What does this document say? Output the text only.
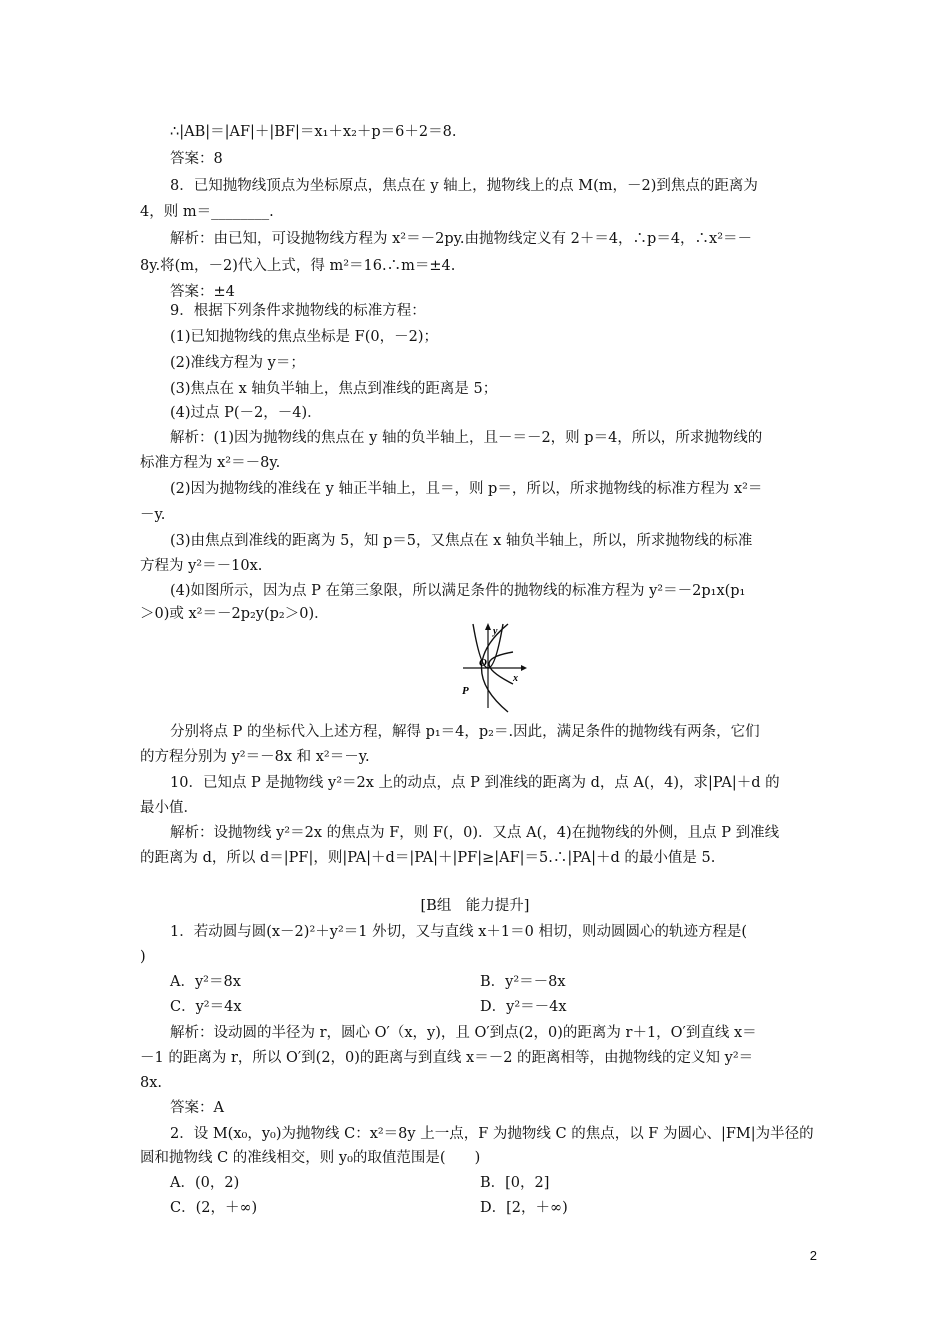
∴|AB|＝|AF|＋|BF|＝x₁＋x₂＋p＝6＋2＝8.
答案：8
8．已知抛物线顶点为坐标原点，焦点在 y 轴上，抛物线上的点 M(m，－2)到焦点的距离为
4，则 m＝________.
解析：由已知，可设抛物线方程为 x²＝－2py.由抛物线定义有 2＋＝4，∴p＝4，∴x²＝－
8y.将(m，－2)代入上式，得 m²＝16.∴m＝±4.
答案：±4
9．根据下列条件求抛物线的标准方程：
(1)已知抛物线的焦点坐标是 F(0，－2)；
(2)准线方程为 y＝；
(3)焦点在 x 轴负半轴上，焦点到准线的距离是 5；
(4)过点 P(－2，－4)．
解析：(1)因为抛物线的焦点在 y 轴的负半轴上，且－＝－2，则 p＝4，所以，所求抛物线的
标准方程为 x²＝－8y.
(2)因为抛物线的准线在 y 轴正半轴上，且＝，则 p＝，所以，所求抛物线的标准方程为 x²＝
－y.
(3)由焦点到准线的距离为 5，知 p＝5，又焦点在 x 轴负半轴上，所以，所求抛物线的标准
方程为 y²＝－10x.
(4)如图所示，因为点 P 在第三象限，所以满足条件的抛物线的标准方程为 y²＝－2p₁x(p₁
＞0)或 x²＝－2p₂y(p₂＞0)．
y
x
O
P
分别将点 P 的坐标代入上述方程，解得 p₁＝4，p₂＝.因此，满足条件的抛物线有两条，它们
的方程分别为 y²＝－8x 和 x²＝－y.
10．已知点 P 是抛物线 y²＝2x 上的动点，点 P 到准线的距离为 d，点 A(，4)，求|PA|＋d 的
最小值．
解析：设抛物线 y²＝2x 的焦点为 F，则 F(，0)．又点 A(，4)在抛物线的外侧，且点 P 到准线
的距离为 d，所以 d＝|PF|，则|PA|＋d＝|PA|＋|PF|≥|AF|＝5.∴|PA|＋d 的最小值是 5.
[B组　能力提升]
1．若动圆与圆(x－2)²＋y²＝1 外切，又与直线 x＋1＝0 相切，则动圆圆心的轨迹方程是(
)
A．y²＝8x	B．y²＝－8x
C．y²＝4x	D．y²＝－4x
解析：设动圆的半径为 r，圆心 O′（x，y)，且 O′到点(2，0)的距离为 r＋1，O′到直线 x＝
－1 的距离为 r，所以 O′到(2，0)的距离与到直线 x＝－2 的距离相等，由抛物线的定义知 y²＝
8x.
答案：A
2．设 M(x₀，y₀)为抛物线 C：x²＝8y 上一点，F 为抛物线 C 的焦点，以 F 为圆心、|FM|为半径的
圆和抛物线 C 的准线相交，则 y₀的取值范围是(　　)
A．(0，2)	B．[0，2]
C．(2，＋∞)	D．[2，＋∞)
2
